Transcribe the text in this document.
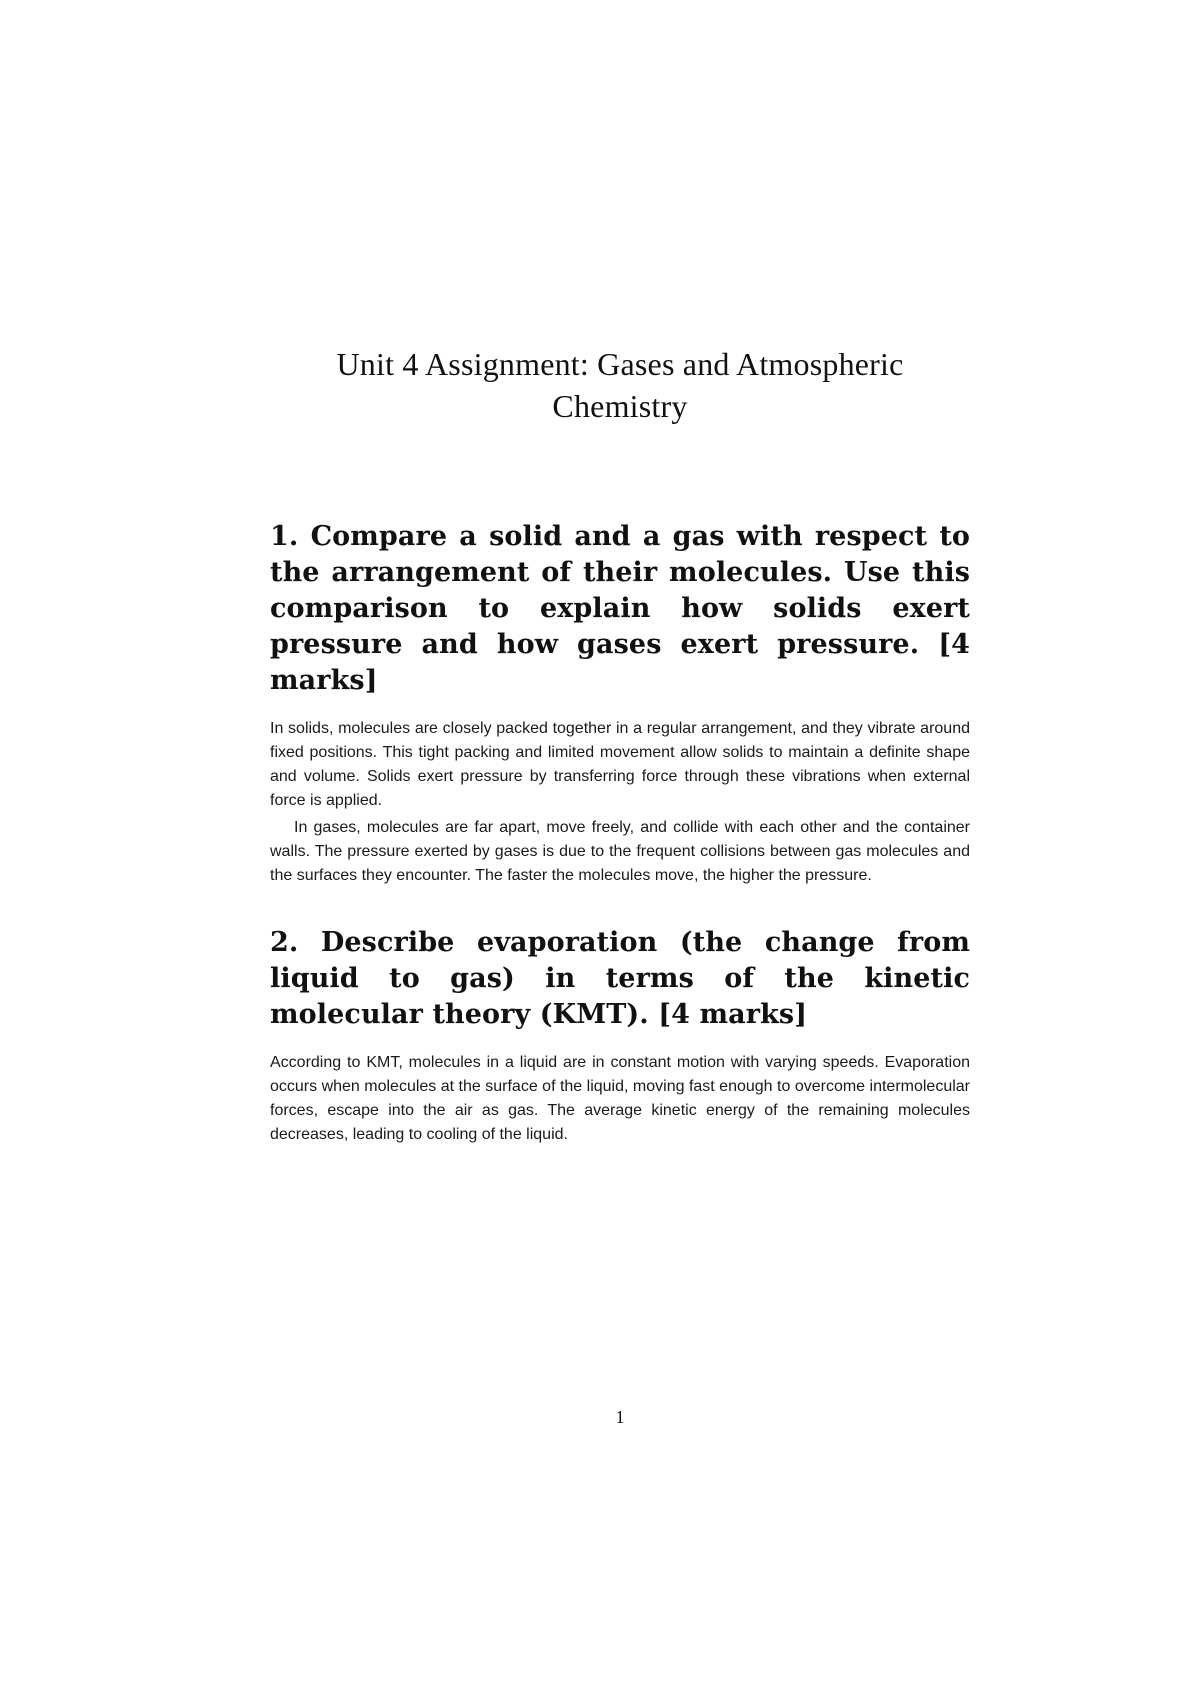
Unit 4 Assignment: Gases and Atmospheric Chemistry
1. Compare a solid and a gas with respect to the arrangement of their molecules. Use this comparison to explain how solids exert pressure and how gases exert pressure. [4 marks]

In solids, molecules are closely packed together in a regular arrangement, and they vibrate around fixed positions. This tight packing and limited movement allow solids to maintain a definite shape and volume. Solids exert pressure by transferring force through these vibrations when external force is applied.

In gases, molecules are far apart, move freely, and collide with each other and the container walls. The pressure exerted by gases is due to the frequent collisions between gas molecules and the surfaces they encounter. The faster the molecules move, the higher the pressure.

2. Describe evaporation (the change from liquid to gas) in terms of the kinetic molecular theory (KMT). [4 marks]

According to KMT, molecules in a liquid are in constant motion with varying speeds. Evaporation occurs when molecules at the surface of the liquid, moving fast enough to overcome intermolecular forces, escape into the air as gas. The average kinetic energy of the remaining molecules decreases, leading to cooling of the liquid.

1
